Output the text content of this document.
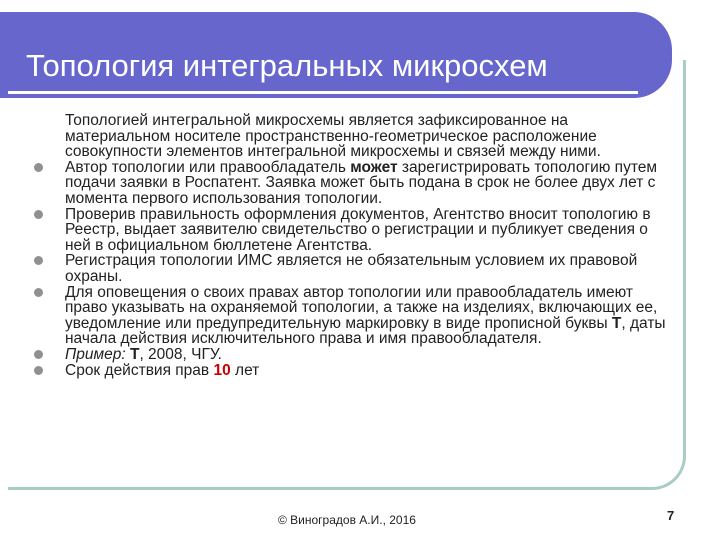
Топология интегральных микросхем

Топологией интегральной микросхемы является зафиксированное на материальном носителе пространственно-геометрическое расположение совокупности элементов интегральной микросхемы и связей между ними.

Автор топологии или правообладатель может зарегистрировать топологию путем подачи заявки в Роспатент. Заявка может быть подана в срок не более двух лет с момента первого использования топологии.

Проверив правильность оформления документов, Агентство вносит топологию в Реестр, выдает заявителю свидетельство о регистрации и публикует сведения о ней в официальном бюллетене Агентства.

Регистрация топологии ИМС является не обязательным условием их правовой охраны.

Для оповещения о своих правах автор топологии или правообладатель имеют право указывать на охраняемой топологии, а также на изделиях, включающих ее, уведомление или предупредительную маркировку в виде прописной буквы Т, даты начала действия исключительного права и имя правообладателя.

Пример: Т, 2008, ЧГУ.

Срок действия прав 10 лет

© Виноградов А.И., 2016	7
